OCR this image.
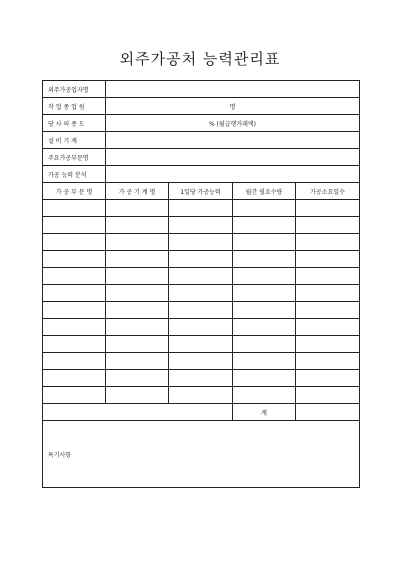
외주가공처 능력관리표
외주가공업자명				
작 업 종 업 원	명			
당 사 의 종 도	% (월급행거래액)			
설 비 기 계				
주요가공부문명				
가공 능력 분석				
가 공 부 문 명	가 공 기 계 명	1일당 가공능력	월간 필요수량	가공소요일수

			계	
특기사항				
